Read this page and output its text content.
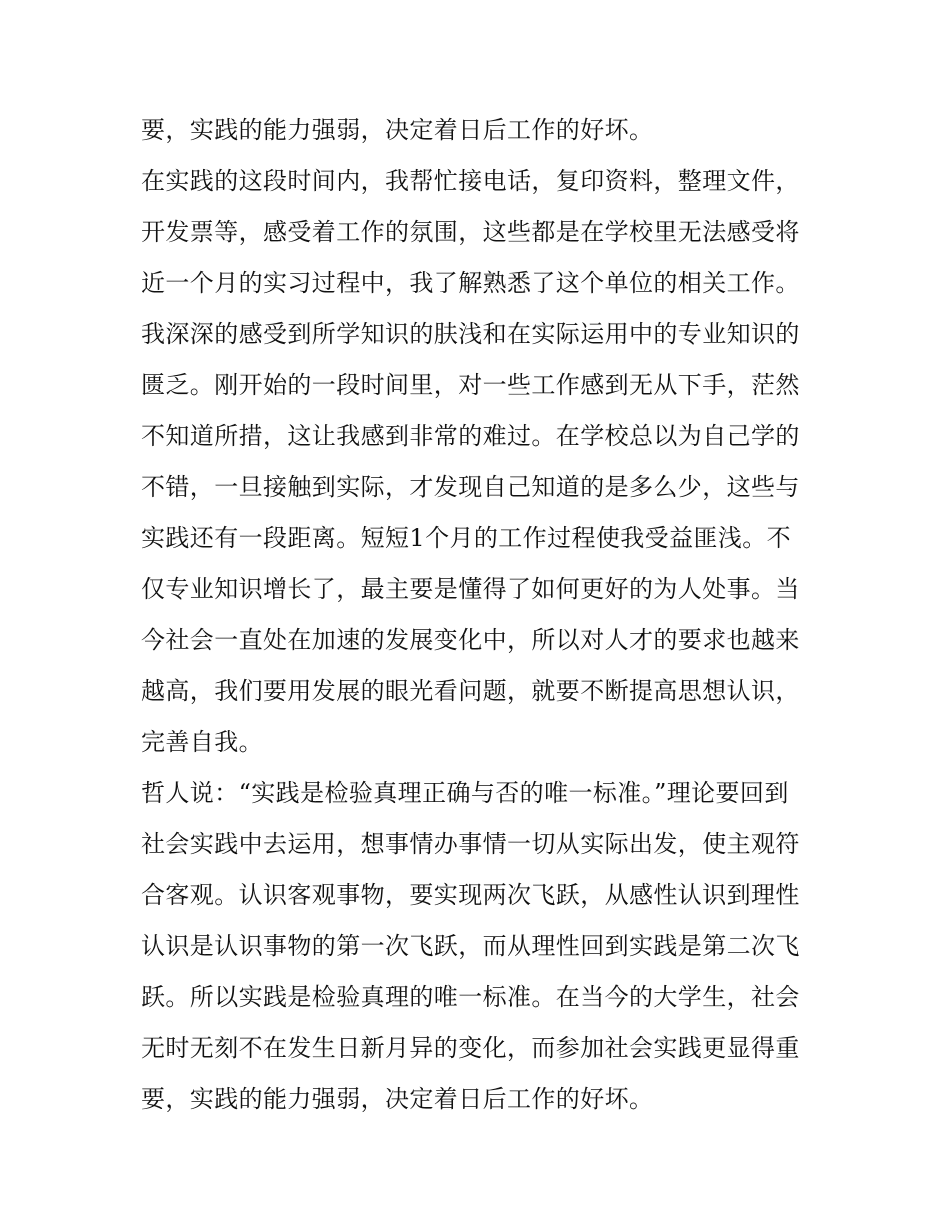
要，实践的能力强弱，决定着日后工作的好坏。
在实践的这段时间内，我帮忙接电话，复印资料，整理文件，
开发票等，感受着工作的氛围，这些都是在学校里无法感受将
近一个月的实习过程中，我了解熟悉了这个单位的相关工作。
我深深的感受到所学知识的肤浅和在实际运用中的专业知识的
匮乏。刚开始的一段时间里，对一些工作感到无从下手，茫然
不知道所措，这让我感到非常的难过。在学校总以为自己学的
不错，一旦接触到实际，才发现自己知道的是多么少，这些与
实践还有一段距离。短短1个月的工作过程使我受益匪浅。不
仅专业知识增长了，最主要是懂得了如何更好的为人处事。当
今社会一直处在加速的发展变化中，所以对人才的要求也越来
越高，我们要用发展的眼光看问题，就要不断提高思想认识，
完善自我。
哲人说：“实践是检验真理正确与否的唯一标准。”理论要回到
社会实践中去运用，想事情办事情一切从实际出发，使主观符
合客观。认识客观事物，要实现两次飞跃，从感性认识到理性
认识是认识事物的第一次飞跃，而从理性回到实践是第二次飞
跃。所以实践是检验真理的唯一标准。在当今的大学生，社会
无时无刻不在发生日新月异的变化，而参加社会实践更显得重
要，实践的能力强弱，决定着日后工作的好坏。
